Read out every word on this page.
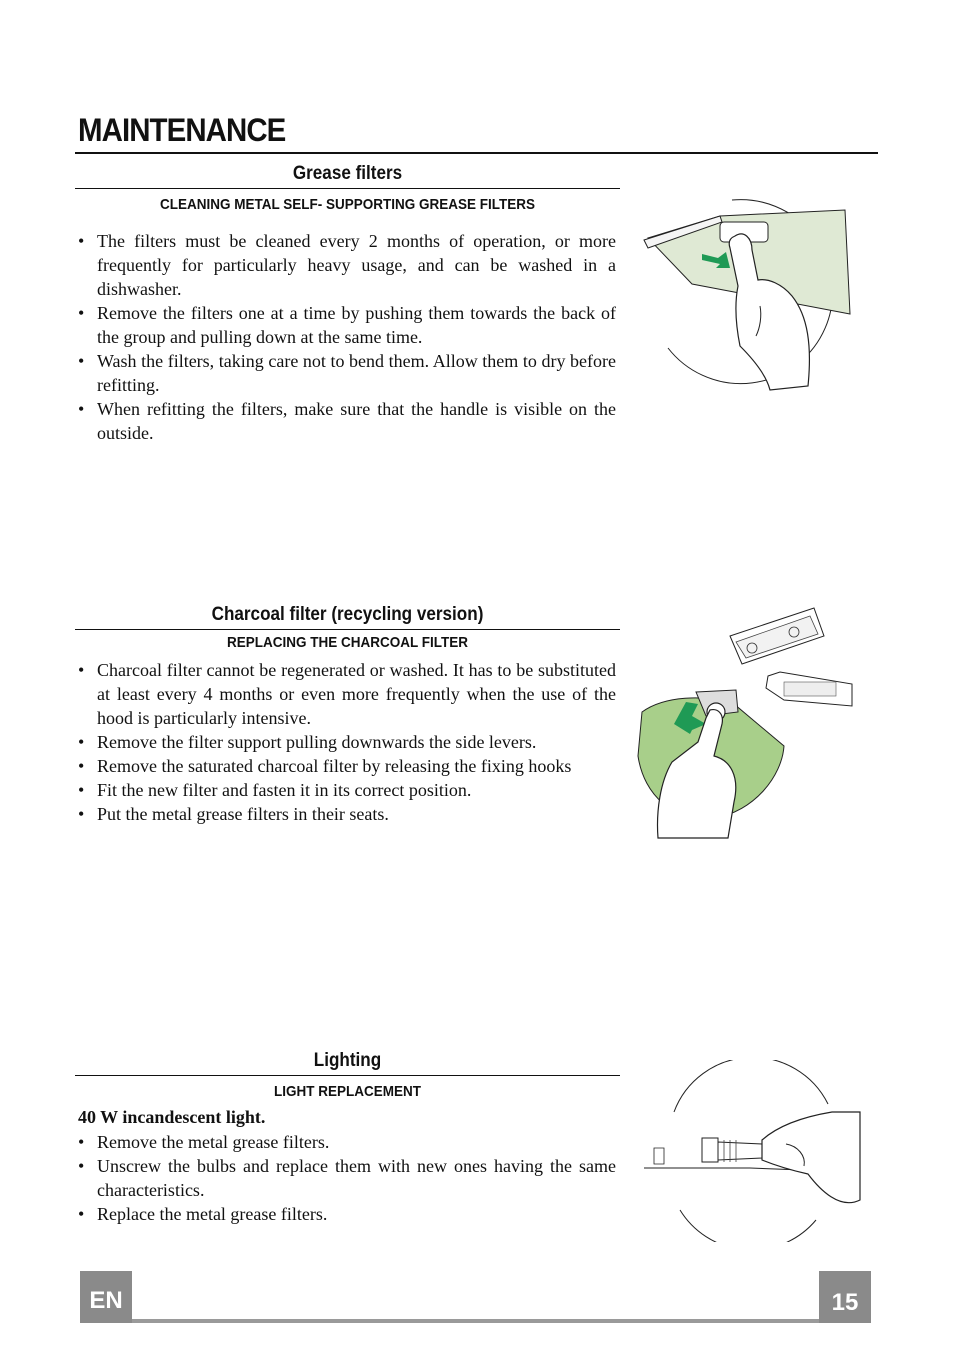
MAINTENANCE
Grease filters
CLEANING METAL SELF- SUPPORTING GREASE FILTERS
• The filters must be cleaned every 2 months of operation, or more frequently for particularly heavy usage, and can be washed in a dishwasher.
• Remove the filters one at a time by pushing them towards the back of the group and pulling down at the same time.
• Wash the filters, taking care not to bend them. Allow them to dry before refitting.
• When refitting the filters, make sure that the handle is visible on the outside.
Charcoal filter (recycling version)
REPLACING THE CHARCOAL FILTER
• Charcoal filter cannot be regenerated or washed. It has to be substituted at least every 4 months or even more frequently when the use of the hood is particularly intensive.
• Remove the filter support pulling downwards the side levers.
• Remove the saturated charcoal filter by releasing the fixing hooks
• Fit the new filter and fasten it in its correct position.
• Put the metal grease filters in their seats.
Lighting
LIGHT REPLACEMENT
40 W incandescent light.
• Remove the metal grease filters.
• Unscrew the bulbs and replace them with new ones having the same characteristics.
• Replace the metal grease filters.
EN	15
